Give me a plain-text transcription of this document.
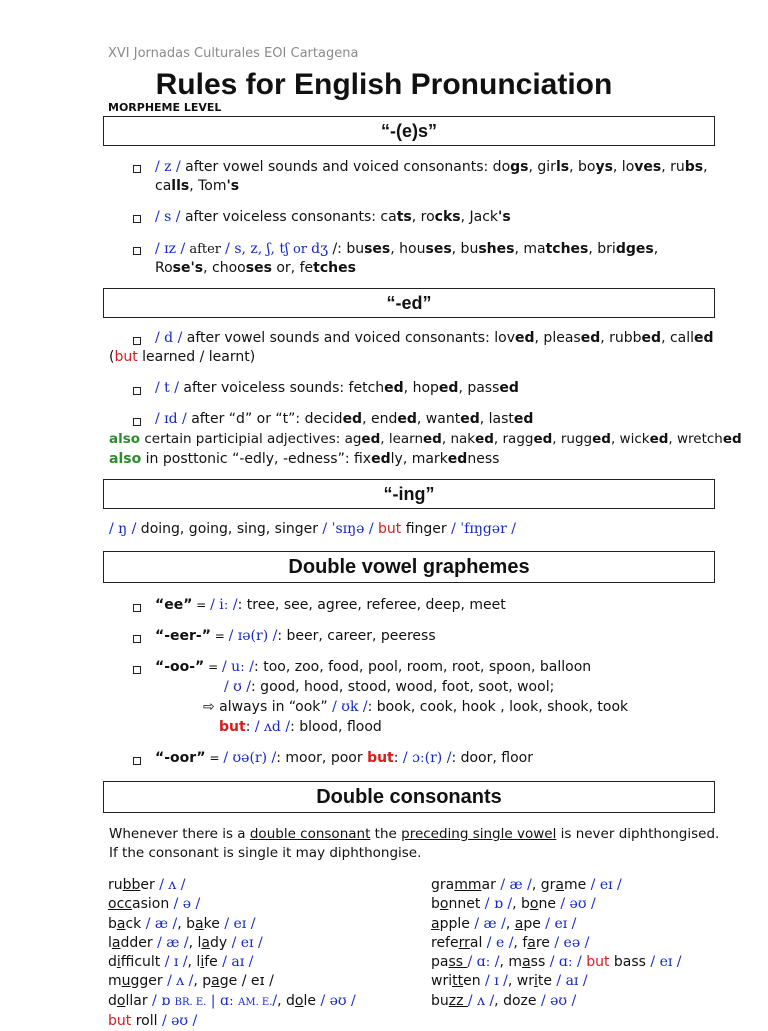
XVI Jornadas Culturales EOI Cartagena
Rules for English Pronunciation
MORPHEME LEVEL
“-(e)s”
/ z / after vowel sounds and voiced consonants: dogs, girls, boys, loves, rubs,
calls, Tom's
/ s / after voiceless consonants: cats, rocks, Jack's
/ ɪz / after / s, z, ʃ, tʃ or dʒ /: buses, houses, bushes, matches, bridges,
Rose's, chooses or, fetches
“-ed”
/ d / after vowel sounds and voiced consonants: loved, pleased, rubbed, called
(but learned / learnt)
/ t / after voiceless sounds: fetched, hoped, passed
/ ɪd / after “d” or “t”: decided, ended, wanted, lasted
also certain participial adjectives: aged, learned, naked, ragged, rugged, wicked, wretched
also in posttonic “-edly, -edness”: fixedly, markedness
“-ing”
/ ŋ / doing, going, sing, singer / ˈsɪŋə / but finger / ˈfɪŋgər /
Double vowel graphemes
“ee” = / iː /: tree, see, agree, referee, deep, meet
“-eer-” = / ɪə(r) /: beer, career, peeress
“-oo-” = / uː /: too, zoo, food, pool, room, root, spoon, balloon
/ ʊ /: good, hood, stood, wood, foot, soot, wool;
⇨ always in “ook” / ʊk /: book, cook, hook , look, shook, took
but: / ʌd /: blood, flood
“-oor” = / ʊə(r) /: moor, poor but: / ɔː(r) /: door, floor
Double consonants
Whenever there is a double consonant the preceding single vowel is never diphthongised.
If the consonant is single it may diphthongise.
rubber / ʌ /
occasion / ə /
back / æ /, bake / eɪ /
ladder / æ /, lady / eɪ /
difficult / ɪ /, life / aɪ /
mugger / ʌ /, page / eɪ /
dollar / ɒ BR. E. | ɑː AM. E./, dole / əʊ /
but roll / əʊ /
grammar / æ /, grame / eɪ /
bonnet / ɒ /, bone / əʊ /
apple / æ /, ape / eɪ /
referral / e /, fare / eə /
pass / ɑː /, mass / ɑː / but bass / eɪ /
written / ɪ /, write / aɪ /
buzz / ʌ /, doze / əʊ /
